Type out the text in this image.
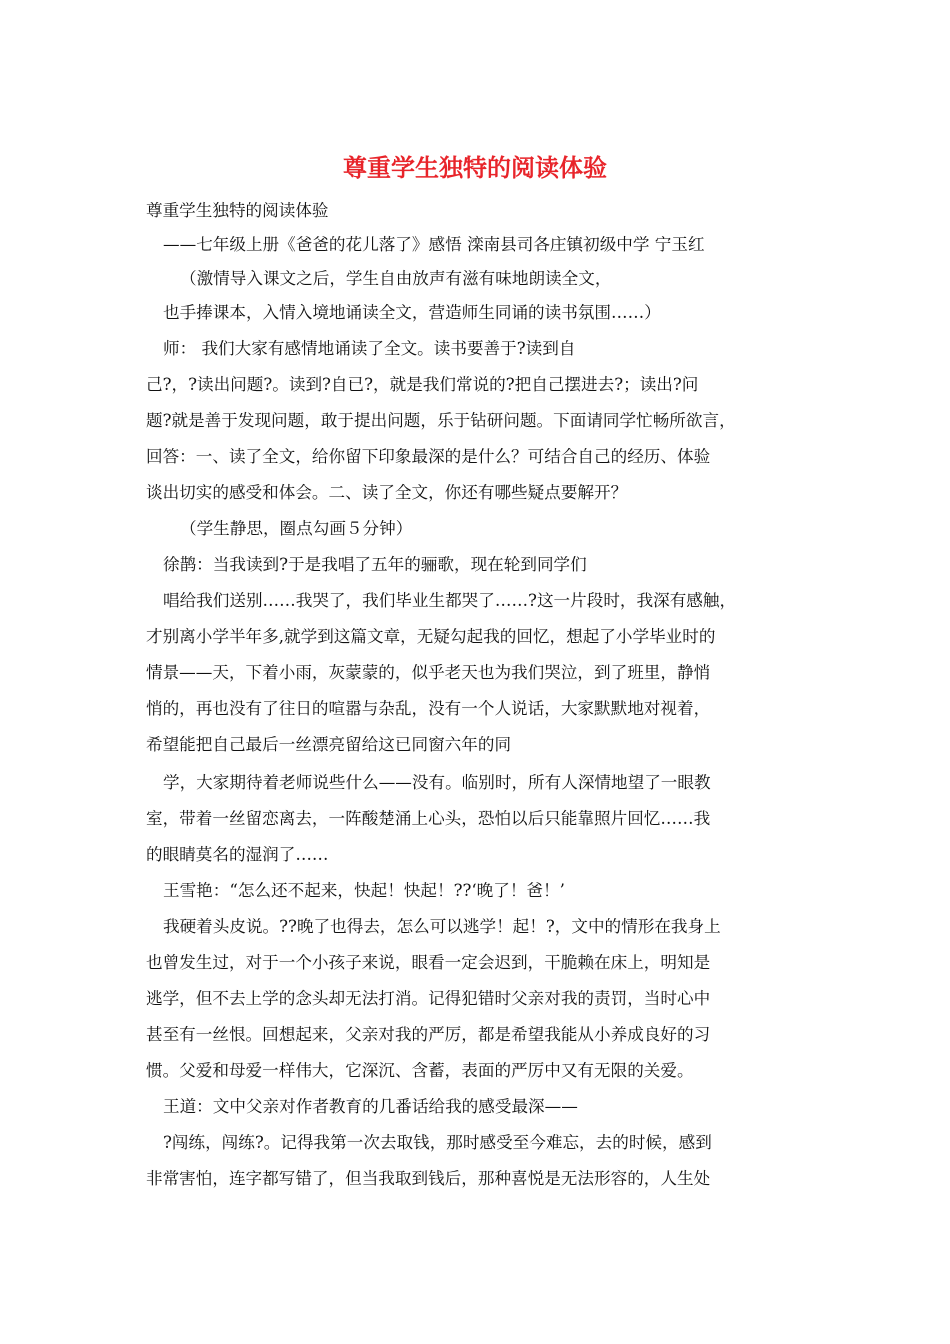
尊重学生独特的阅读体验
尊重学生独特的阅读体验
——七年级上册《爸爸的花儿落了》感悟 滦南县司各庄镇初级中学 宁玉红
（激情导入课文之后，学生自由放声有滋有味地朗读全文，
也手捧课本，入情入境地诵读全文，营造师生同诵的读书氛围……）
师： 我们大家有感情地诵读了全文。读书要善于?读到自
己?，?读出问题?。读到?自已?，就是我们常说的?把自己摆进去?；读出?问
题?就是善于发现问题，敢于提出问题，乐于钻研问题。下面请同学忙畅所欲言，
回答：一、读了全文，给你留下印象最深的是什么？可结合自己的经历、体验
谈出切实的感受和体会。二、读了全文，你还有哪些疑点要解开？
（学生静思，圈点勾画５分钟）
徐鹊：当我读到?于是我唱了五年的骊歌，现在轮到同学们
唱给我们送别……我哭了，我们毕业生都哭了……?这一片段时，我深有感触，
才别离小学半年多,就学到这篇文章，无疑勾起我的回忆，想起了小学毕业时的
情景——天，下着小雨，灰蒙蒙的，似乎老天也为我们哭泣，到了班里，静悄
悄的，再也没有了往日的喧嚣与杂乱，没有一个人说话，大家默默地对视着，
希望能把自己最后一丝漂亮留给这已同窗六年的同
学，大家期待着老师说些什么——没有。临别时，所有人深情地望了一眼教
室，带着一丝留恋离去，一阵酸楚涌上心头，恐怕以后只能靠照片回忆……我
的眼睛莫名的湿润了……
王雪艳：“怎么还不起来，快起！快起！??‘晚了！爸！’
我硬着头皮说。??晚了也得去，怎么可以逃学！起！?，文中的情形在我身上
也曾发生过，对于一个小孩子来说，眼看一定会迟到，干脆赖在床上，明知是
逃学，但不去上学的念头却无法打消。记得犯错时父亲对我的责罚，当时心中
甚至有一丝恨。回想起来，父亲对我的严厉，都是希望我能从小养成良好的习
惯。父爱和母爱一样伟大，它深沉、含蓄，表面的严厉中又有无限的关爱。
王道：文中父亲对作者教育的几番话给我的感受最深——
?闯练，闯练?。记得我第一次去取钱，那时感受至今难忘，去的时候，感到
非常害怕，连字都写错了，但当我取到钱后，那种喜悦是无法形容的，人生处
